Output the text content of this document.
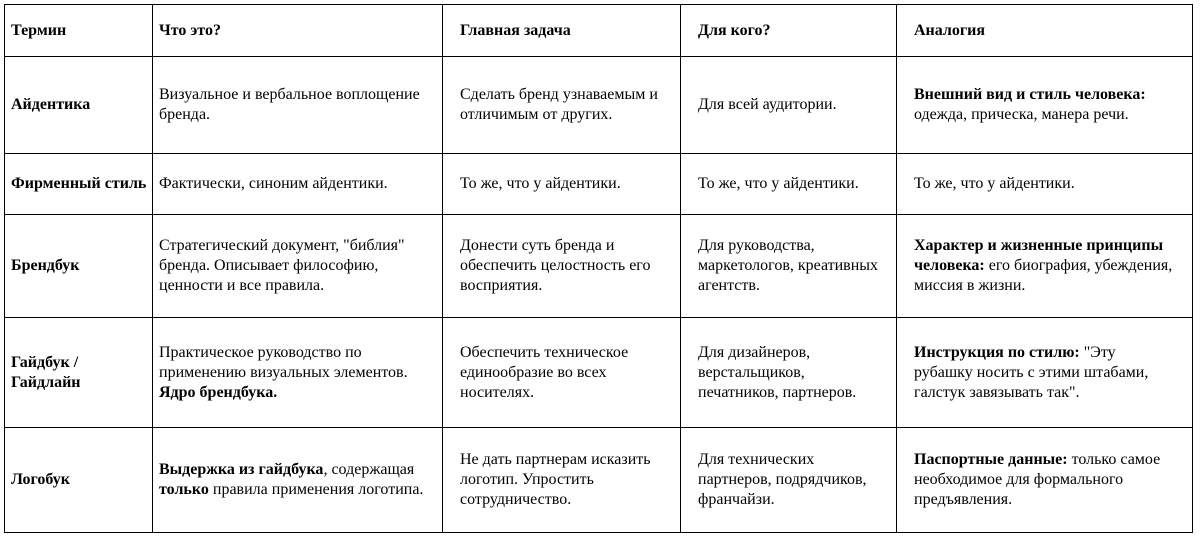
Термин	Что это?	Главная задача	Для кого?	Аналогия
Айдентика	Визуальное и вербальное воплощение бренда.	Сделать бренд узнаваемым и отличимым от других.	Для всей аудитории.	Внешний вид и стиль человека: одежда, прическа, манера речи.
Фирменный стиль	Фактически, синоним айдентики.	То же, что у айдентики.	То же, что у айдентики.	То же, что у айдентики.
Брендбук	Стратегический документ, "библия" бренда. Описывает философию, ценности и все правила.	Донести суть бренда и обеспечить целостность его восприятия.	Для руководства, маркетологов, креативных агентств.	Характер и жизненные принципы человека: его биография, убеждения, миссия в жизни.
Гайдбук / Гайдлайн	Практическое руководство по применению визуальных элементов. Ядро брендбука.	Обеспечить техническое единообразие во всех носителях.	Для дизайнеров, верстальщиков, печатников, партнеров.	Инструкция по стилю: "Эту рубашку носить с этими штабами, галстук завязывать так".
Логобук	Выдержка из гайдбука, содержащая только правила применения логотипа.	Не дать партнерам исказить логотип. Упростить сотрудничество.	Для технических партнеров, подрядчиков, франчайзи.	Паспортные данные: только самое необходимое для формального предъявления.
